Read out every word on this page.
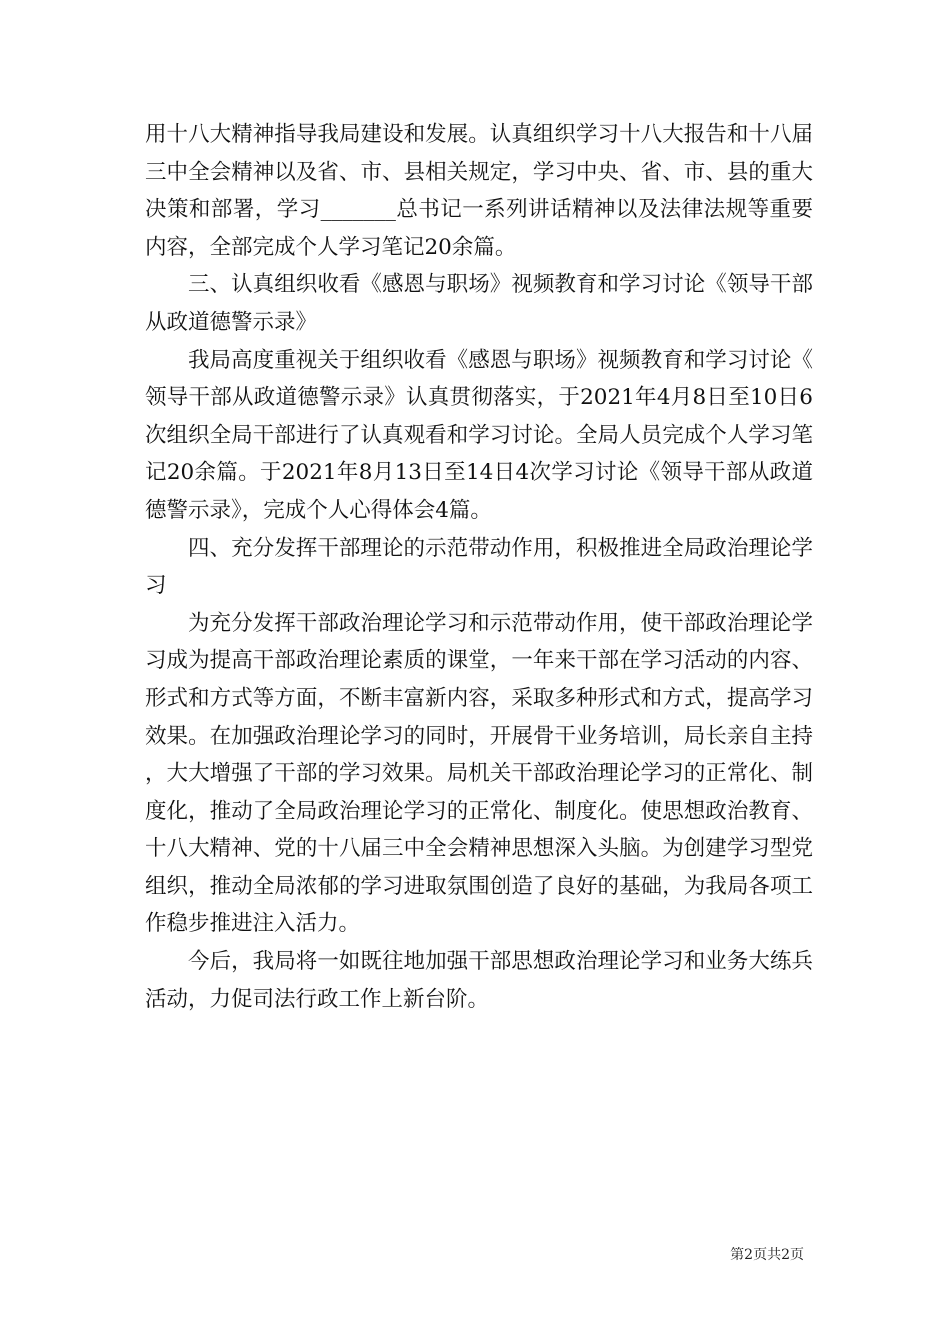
用十八大精神指导我局建设和发展。认真组织学习十八大报告和十八届三中全会精神以及省、市、县相关规定，学习中央、省、市、县的重大决策和部署，学习_______总书记一系列讲话精神以及法律法规等重要内容，全部完成个人学习笔记20余篇。

三、认真组织收看《感恩与职场》视频教育和学习讨论《领导干部从政道德警示录》

我局高度重视关于组织收看《感恩与职场》视频教育和学习讨论《领导干部从政道德警示录》认真贯彻落实，于2021年4月8日至10日6次组织全局干部进行了认真观看和学习讨论。全局人员完成个人学习笔记20余篇。于2021年8月13日至14日4次学习讨论《领导干部从政道德警示录》，完成个人心得体会4篇。

四、充分发挥干部理论的示范带动作用，积极推进全局政治理论学习

为充分发挥干部政治理论学习和示范带动作用，使干部政治理论学习成为提高干部政治理论素质的课堂，一年来干部在学习活动的内容、形式和方式等方面，不断丰富新内容，采取多种形式和方式，提高学习效果。在加强政治理论学习的同时，开展骨干业务培训，局长亲自主持，大大增强了干部的学习效果。局机关干部政治理论学习的正常化、制度化，推动了全局政治理论学习的正常化、制度化。使思想政治教育、十八大精神、党的十八届三中全会精神思想深入头脑。为创建学习型党组织，推动全局浓郁的学习进取氛围创造了良好的基础，为我局各项工作稳步推进注入活力。

今后，我局将一如既往地加强干部思想政治理论学习和业务大练兵活动，力促司法行政工作上新台阶。

第2页共2页
